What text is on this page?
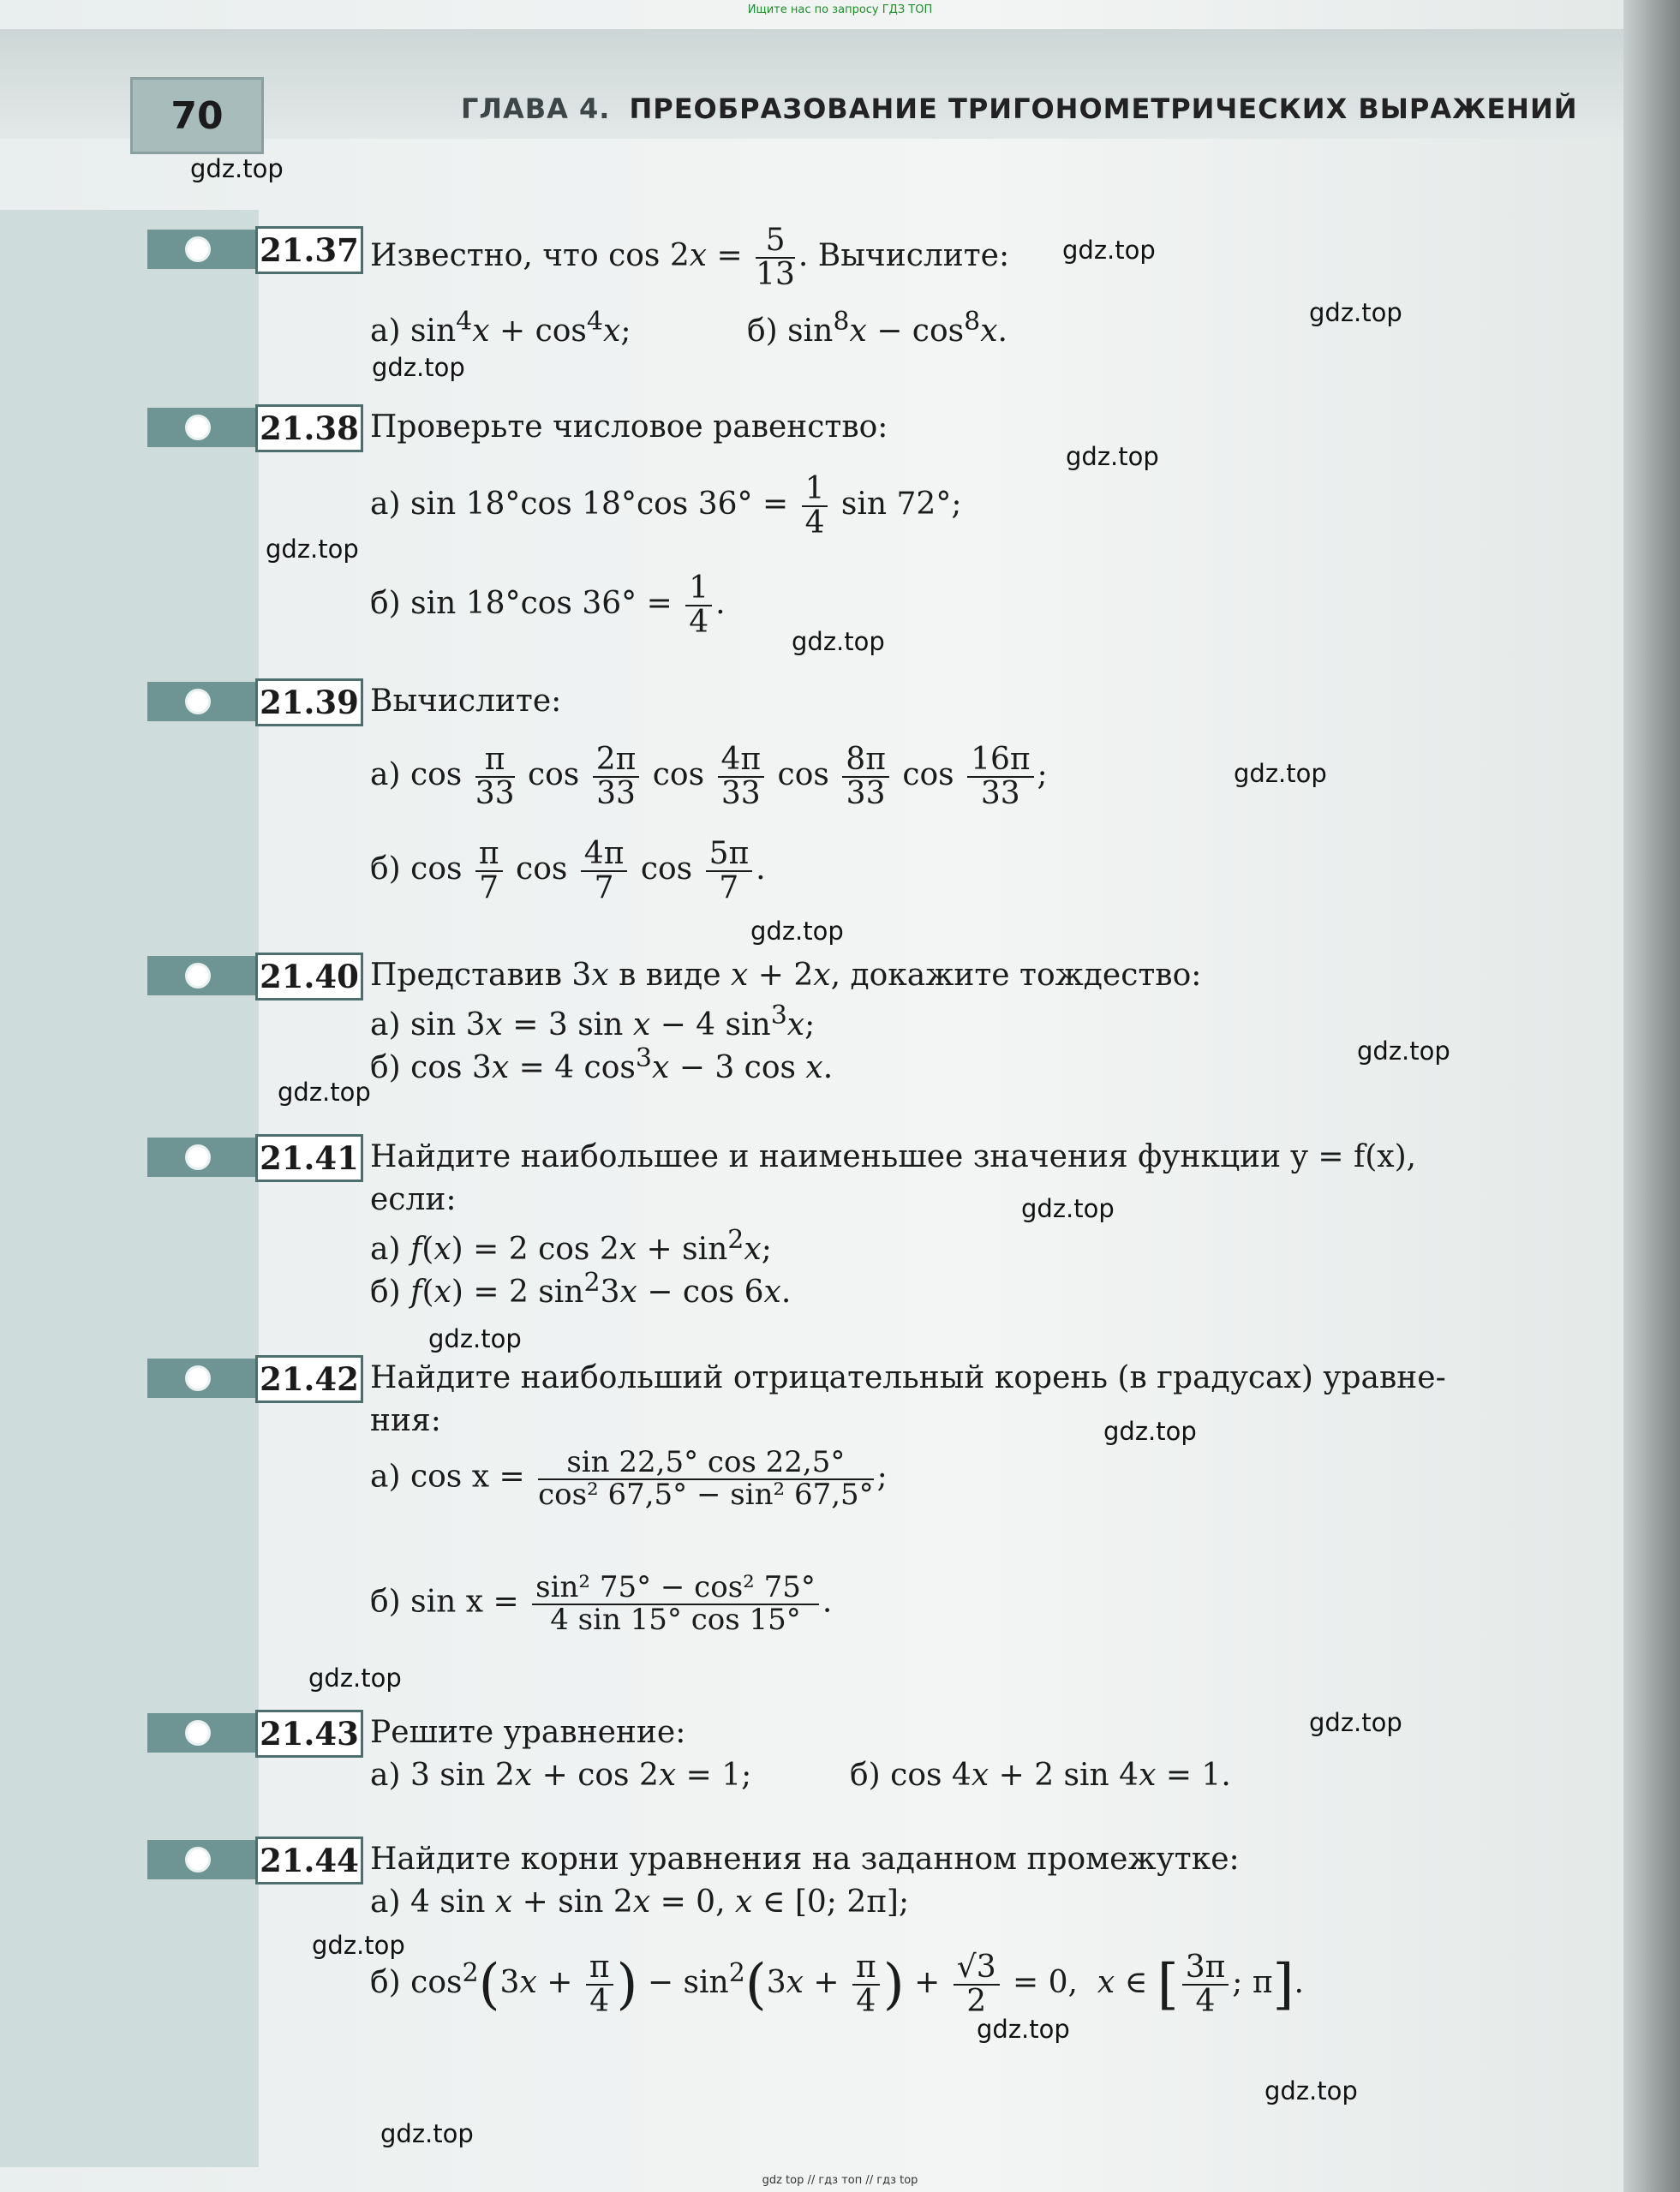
Ищите нас по запросу ГДЗ ТОП
70	ГЛАВА 4. ПРЕОБРАЗОВАНИЕ ТРИГОНОМЕТРИЧЕСКИХ ВЫРАЖЕНИЙ
21.37 Известно, что $\cos 2x = \frac{5}{13}$ . Вычислите:
а) $\sin^4x + \cos^4x$;	б) $\sin^8x - \cos^8x$.
21.38 Проверьте числовое равенство:
а) sin 18°cos 18°cos $36^\circ = \frac{1}{4}$ sin 72°;
б) sin 18°cos $36^\circ = \frac{1}{4}$ .
21.39 Вычислите:
а) $\cos \frac{\pi}{33}$ $\cos \frac{2\pi}{33}$ $\cos \frac{4\pi}{33}$ $\cos \frac{8\pi}{33}$ $\cos \frac{16\pi}{33}$ ;
б) $\cos \frac{\pi}{7}$ $\cos \frac{4\pi}{7}$ $\cos \frac{5\pi}{7}$ .
21.40 Представив 3x в виде x + 2x, докажите тождество:
а) sin 3x = 3 sin x − 4 $\sin^3x$;
б) cos 3x = 4 $\cos^3x - 3$ cos x.
21.41 Найдите наибольшее и наименьшее значения функции y = f(x),
если:
а) f(x) = 2 $\cos 2x + \sin^2x$;
б) f(x) = 2 $\sin^23x - \cos 6x$.
21.42 Найдите наибольший отрицательный корень (в градусах) уравне-
ния:
а) $\cos x = \frac{\sin 22,5^\circ \cos 22,5^\circ}{\text{cos² 67,5° − sin² 67,5°}}$ ;
б) $\sin x = \frac{\text{sin² 75° − cos² 75°}}{4 \sin 15^\circ \cos 15^\circ}$ .
21.43 Решите уравнение:
а) 3 sin 2x + cos 2x = 1;	б) cos 4x + 2 sin 4x = 1.
21.44 Найдите корни уравнения на заданном промежутке:
а) 4 sin x + sin 2x = 0, x ∈ [0; 2π];
б) $\cos^2(3x + \frac{\pi}{4}$ ) − $\sin^2(3x + \frac{\pi}{4}$ ) + $\frac{√3}{2} = 0$,  x ∈ [ $\frac{3\pi}{4}$ ; π].
gdz.top
gdz.top
gdz.top
gdz.top
gdz.top
gdz.top
gdz.top
gdz.top
gdz.top
gdz.top
gdz.top
gdz.top
gdz.top
gdz.top
gdz.top
gdz.top
gdz.top
gdz.top
gdz.top
gdz.top
gdz top // гдз топ // гдз top
